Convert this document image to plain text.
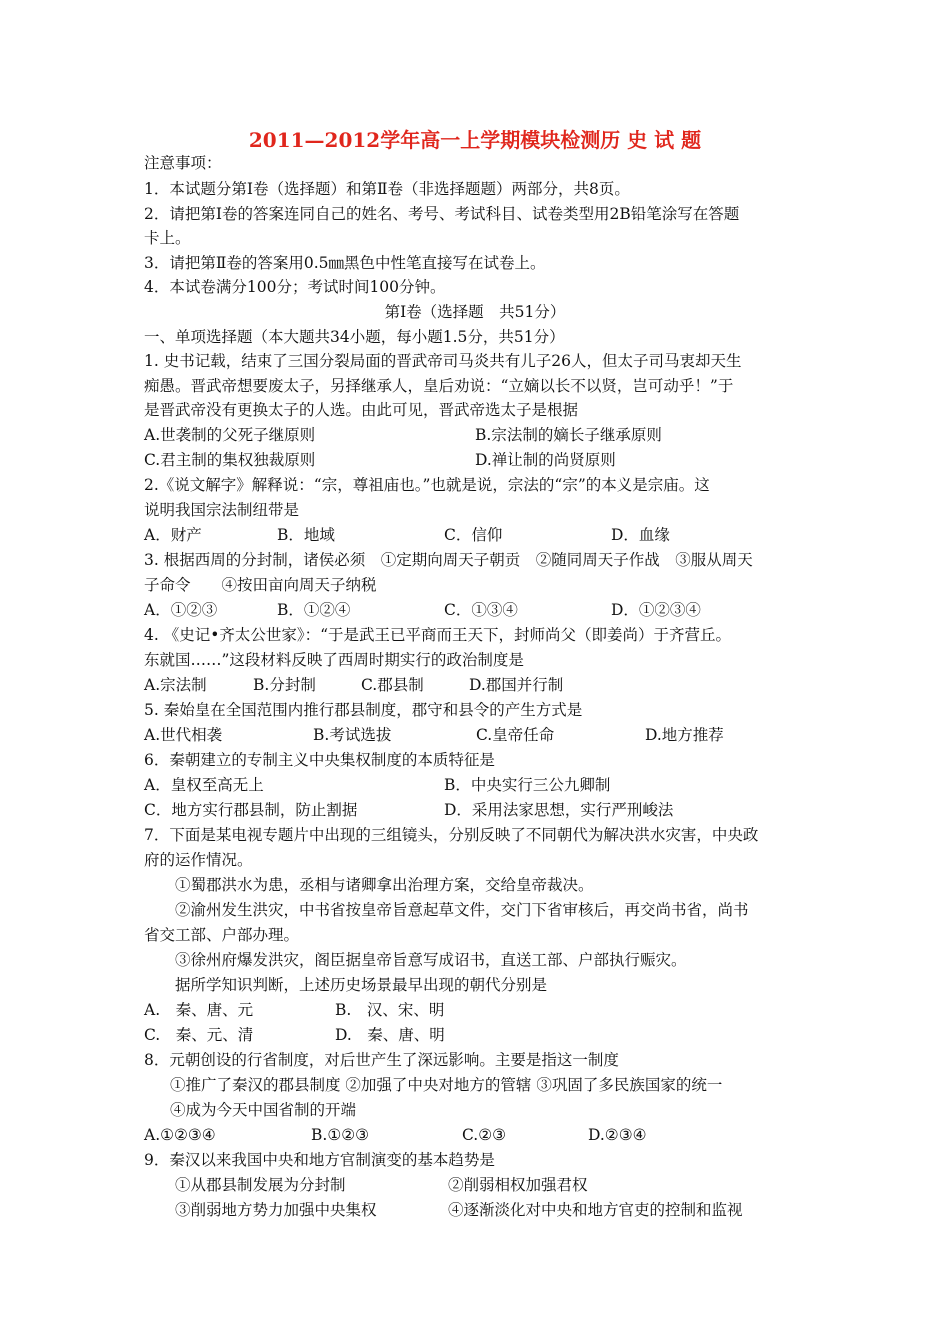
2011—2012学年高一上学期模块检测历 史 试 题
注意事项：
1．本试题分第Ⅰ卷（选择题）和第Ⅱ卷（非选择题题）两部分，共8页。
2．请把第Ⅰ卷的答案连同自己的姓名、考号、考试科目、试卷类型用2B铅笔涂写在答题
卡上。
3．请把第Ⅱ卷的答案用0.5㎜黑色中性笔直接写在试卷上。
4．本试卷满分100分；考试时间100分钟。
第Ⅰ卷（选择题　共51分）
一、单项选择题（本大题共34小题，每小题1.5分，共51分）
1. 史书记载，结束了三国分裂局面的晋武帝司马炎共有儿子26人，但太子司马衷却天生
痴愚。晋武帝想要废太子，另择继承人，皇后劝说：“立嫡以长不以贤，岂可动乎！”于
是晋武帝没有更换太子的人选。由此可见，晋武帝选太子是根据
A.世袭制的父死子继原则	B.宗法制的嫡长子继承原则
C.君主制的集权独裁原则	D.禅让制的尚贤原则
2.《说文解字》解释说：“宗，尊祖庙也。”也就是说，宗法的“宗”的本义是宗庙。这
说明我国宗法制纽带是
A．财产	B．地域	C．信仰	D．血缘
3. 根据西周的分封制，诸侯必须　①定期向周天子朝贡　②随同周天子作战　③服从周天
子命令　　④按田亩向周天子纳税
A．①②③	B．①②④	C．①③④	D．①②③④
4. 《史记•齐太公世家》：“于是武王已平商而王天下，封师尚父（即姜尚）于齐营丘。
东就国……”这段材料反映了西周时期实行的政治制度是
A.宗法制	B.分封制	C.郡县制	D.郡国并行制
5. 秦始皇在全国范围内推行郡县制度，郡守和县令的产生方式是
A.世代相袭	B.考试选拔	C.皇帝任命	D.地方推荐
6．秦朝建立的专制主义中央集权制度的本质特征是
A．皇权至高无上	B．中央实行三公九卿制
C．地方实行郡县制，防止割据	D．采用法家思想，实行严刑峻法
7．下面是某电视专题片中出现的三组镜头，分别反映了不同朝代为解决洪水灾害，中央政
府的运作情况。
①蜀郡洪水为患，丞相与诸卿拿出治理方案，交给皇帝裁决。
②渝州发生洪灾，中书省按皇帝旨意起草文件，交门下省审核后，再交尚书省，尚书
省交工部、户部办理。
③徐州府爆发洪灾，阁臣据皇帝旨意写成诏书，直送工部、户部执行赈灾。
据所学知识判断，上述历史场景最早出现的朝代分别是
A.　秦、唐、元	B.　汉、宋、明
C.　秦、元、清	D.　秦、唐、明
8．元朝创设的行省制度，对后世产生了深远影响。主要是指这一制度
①推广了秦汉的郡县制度 ②加强了中央对地方的管辖 ③巩固了多民族国家的统一
④成为今天中国省制的开端
A.①②③④	B.①②③	C.②③	D.②③④
9．秦汉以来我国中央和地方官制演变的基本趋势是
①从郡县制发展为分封制	②削弱相权加强君权
③削弱地方势力加强中央集权	④逐渐淡化对中央和地方官吏的控制和监视
